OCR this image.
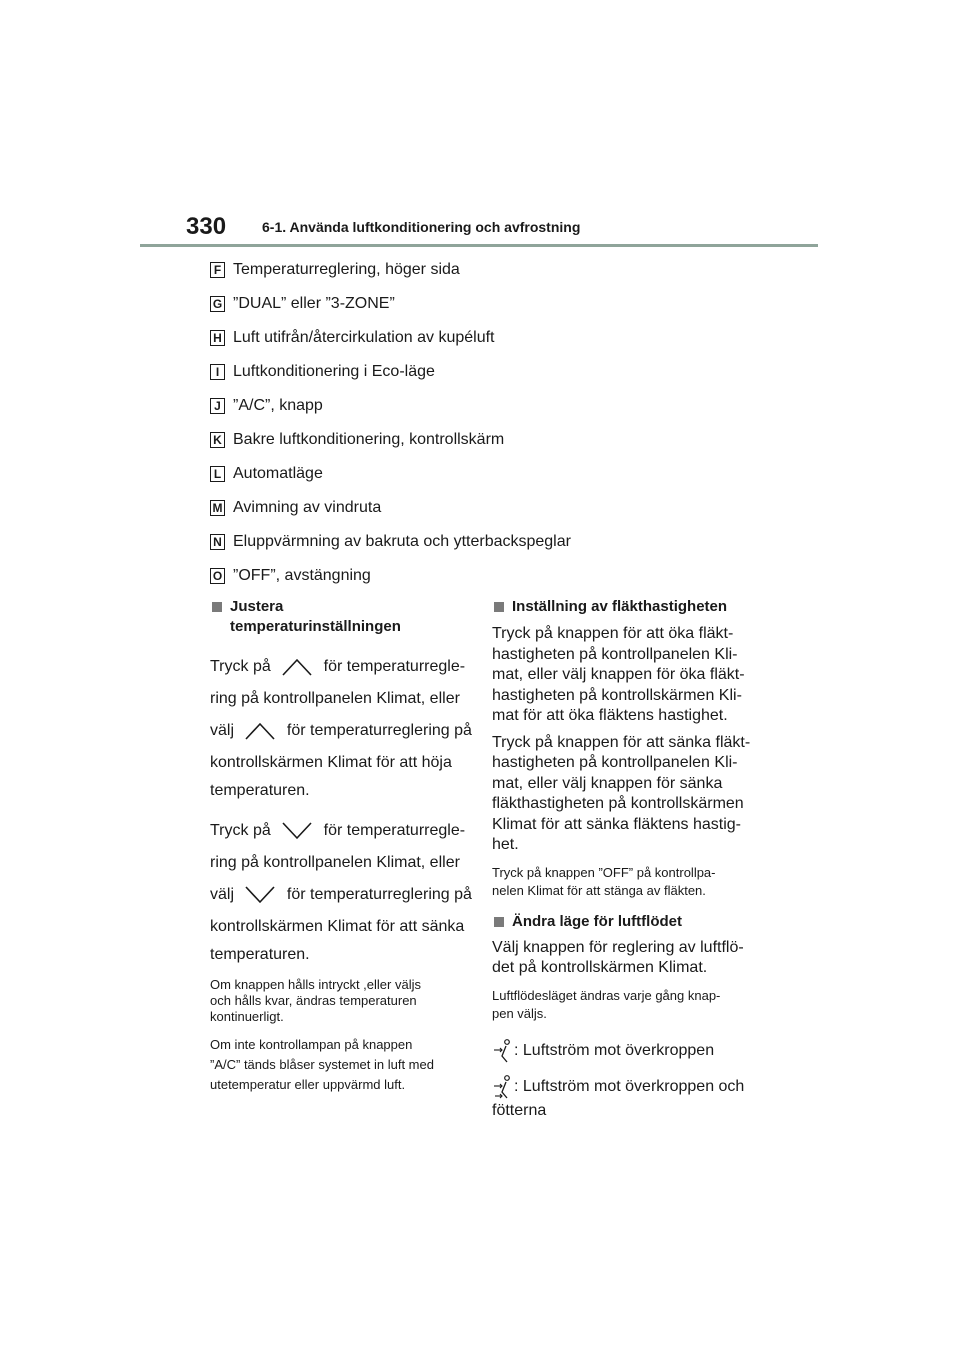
330	6-1. Använda luftkonditionering och avfrostning
F Temperaturreglering, höger sida
G ”DUAL” eller ”3-ZONE”
H Luft utifrån/återcirkulation av kupéluft
I Luftkonditionering i Eco-läge
J ”A/C”, knapp
K Bakre luftkonditionering, kontrollskärm
L Automatläge
M Avimning av vindruta
N Eluppvärmning av bakruta och ytterbackspeglar
O ”OFF”, avstängning
Justera
temperaturinställningen
Tryck på	för temperaturregle-
ring på kontrollpanelen Klimat, eller
välj	för temperaturreglering på
kontrollskärmen Klimat för att höja
temperaturen.
Tryck på	för temperaturregle-
ring på kontrollpanelen Klimat, eller
välj	för temperaturreglering på
kontrollskärmen Klimat för att sänka
temperaturen.
Om knappen hålls intryckt ,eller väljs
och hålls kvar, ändras temperaturen
kontinuerligt.
Om inte kontrollampan på knappen
”A/C” tänds blåser systemet in luft med
utetemperatur eller uppvärmd luft.
Inställning av fläkthastigheten
Tryck på knappen för att öka fläkt-
hastigheten på kontrollpanelen Kli-
mat, eller välj knappen för öka fläkt-
hastigheten på kontrollskärmen Kli-
mat för att öka fläktens hastighet.
Tryck på knappen för att sänka fläkt-
hastigheten på kontrollpanelen Kli-
mat, eller välj knappen för sänka
fläkthastigheten på kontrollskärmen
Klimat för att sänka fläktens hastig-
het.
Tryck på knappen ”OFF” på kontrollpa-
nelen Klimat för att stänga av fläkten.
Ändra läge för luftflödet
Välj knappen för reglering av luftflö-
det på kontrollskärmen Klimat.
Luftflödesläget ändras varje gång knap-
pen väljs.
: Luftström mot överkroppen
: Luftström mot överkroppen och
fötterna
